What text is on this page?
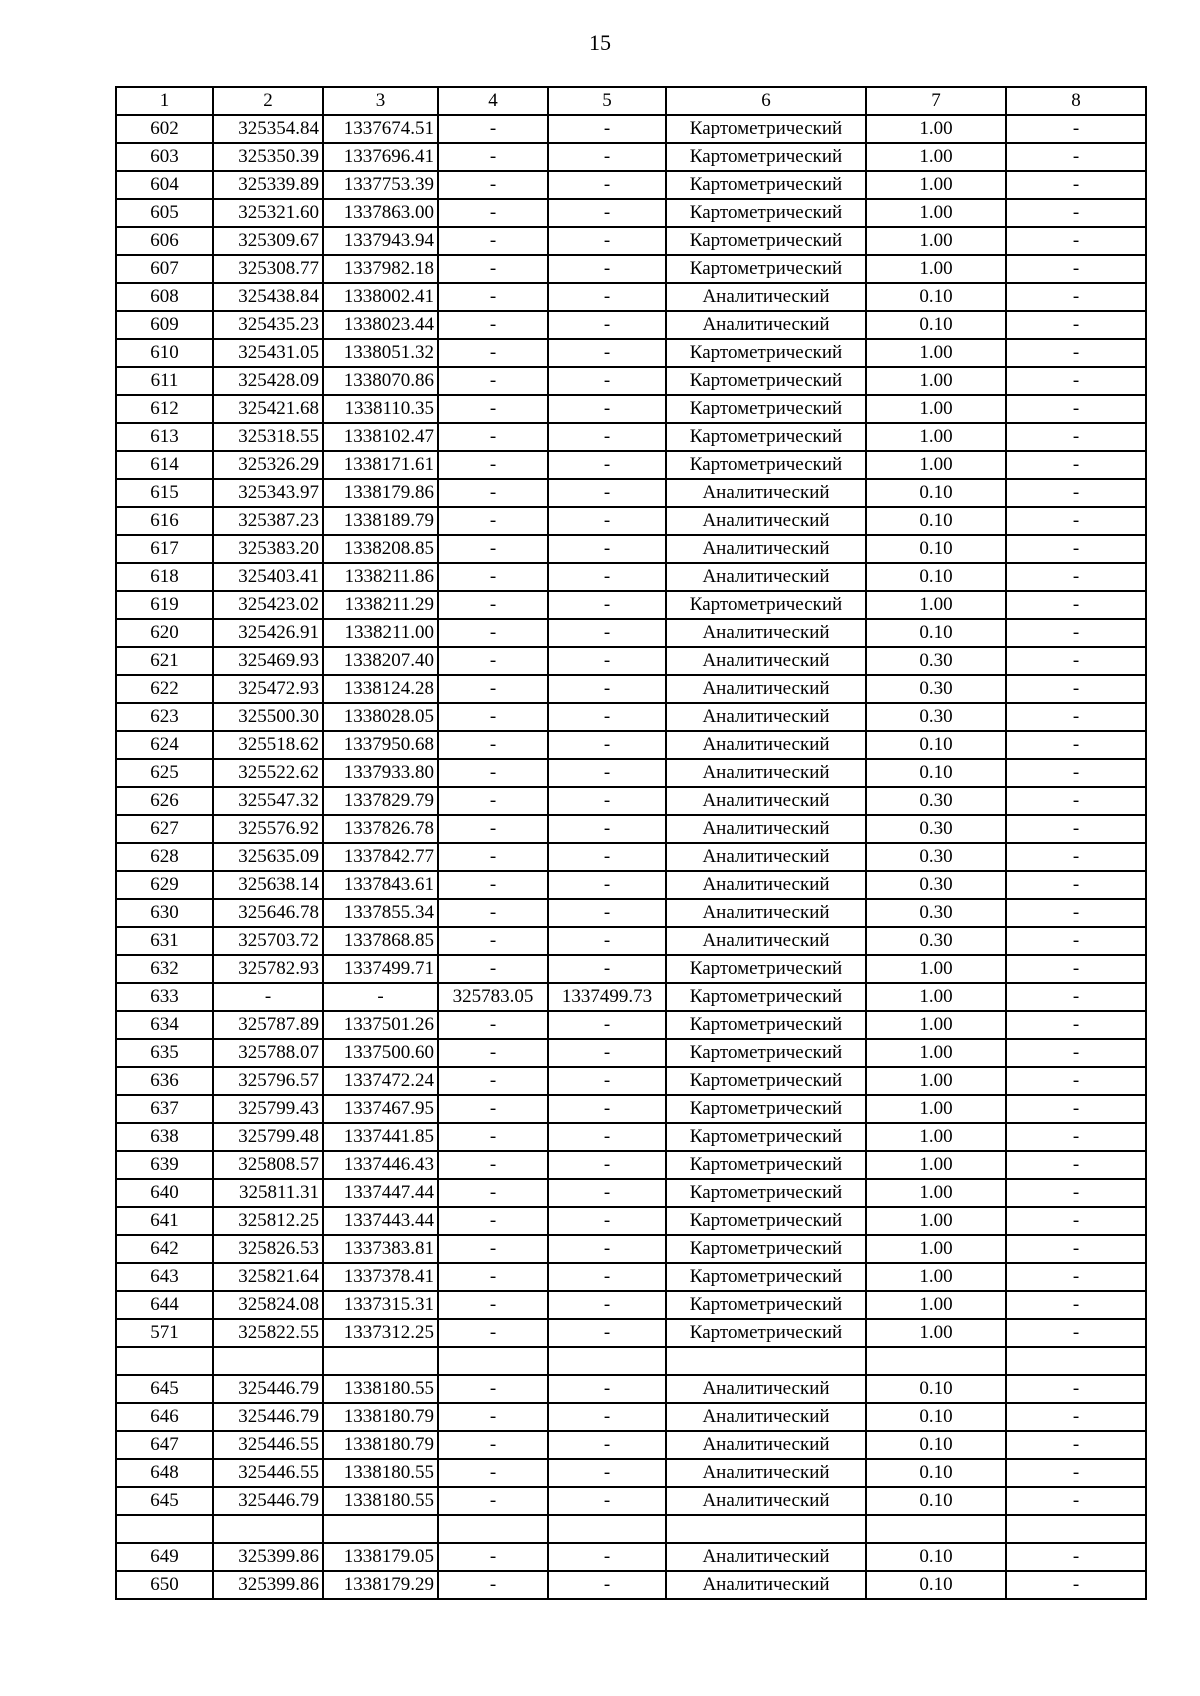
15
1	2	3	4	5	6	7	8
602	325354.84	1337674.51	-	-	Картометрический	1.00	-
603	325350.39	1337696.41	-	-	Картометрический	1.00	-
604	325339.89	1337753.39	-	-	Картометрический	1.00	-
605	325321.60	1337863.00	-	-	Картометрический	1.00	-
606	325309.67	1337943.94	-	-	Картометрический	1.00	-
607	325308.77	1337982.18	-	-	Картометрический	1.00	-
608	325438.84	1338002.41	-	-	Аналитический	0.10	-
609	325435.23	1338023.44	-	-	Аналитический	0.10	-
610	325431.05	1338051.32	-	-	Картометрический	1.00	-
611	325428.09	1338070.86	-	-	Картометрический	1.00	-
612	325421.68	1338110.35	-	-	Картометрический	1.00	-
613	325318.55	1338102.47	-	-	Картометрический	1.00	-
614	325326.29	1338171.61	-	-	Картометрический	1.00	-
615	325343.97	1338179.86	-	-	Аналитический	0.10	-
616	325387.23	1338189.79	-	-	Аналитический	0.10	-
617	325383.20	1338208.85	-	-	Аналитический	0.10	-
618	325403.41	1338211.86	-	-	Аналитический	0.10	-
619	325423.02	1338211.29	-	-	Картометрический	1.00	-
620	325426.91	1338211.00	-	-	Аналитический	0.10	-
621	325469.93	1338207.40	-	-	Аналитический	0.30	-
622	325472.93	1338124.28	-	-	Аналитический	0.30	-
623	325500.30	1338028.05	-	-	Аналитический	0.30	-
624	325518.62	1337950.68	-	-	Аналитический	0.10	-
625	325522.62	1337933.80	-	-	Аналитический	0.10	-
626	325547.32	1337829.79	-	-	Аналитический	0.30	-
627	325576.92	1337826.78	-	-	Аналитический	0.30	-
628	325635.09	1337842.77	-	-	Аналитический	0.30	-
629	325638.14	1337843.61	-	-	Аналитический	0.30	-
630	325646.78	1337855.34	-	-	Аналитический	0.30	-
631	325703.72	1337868.85	-	-	Аналитический	0.30	-
632	325782.93	1337499.71	-	-	Картометрический	1.00	-
633	-	-	325783.05	1337499.73	Картометрический	1.00	-
634	325787.89	1337501.26	-	-	Картометрический	1.00	-
635	325788.07	1337500.60	-	-	Картометрический	1.00	-
636	325796.57	1337472.24	-	-	Картометрический	1.00	-
637	325799.43	1337467.95	-	-	Картометрический	1.00	-
638	325799.48	1337441.85	-	-	Картометрический	1.00	-
639	325808.57	1337446.43	-	-	Картометрический	1.00	-
640	325811.31	1337447.44	-	-	Картометрический	1.00	-
641	325812.25	1337443.44	-	-	Картометрический	1.00	-
642	325826.53	1337383.81	-	-	Картометрический	1.00	-
643	325821.64	1337378.41	-	-	Картометрический	1.00	-
644	325824.08	1337315.31	-	-	Картометрический	1.00	-
571	325822.55	1337312.25	-	-	Картометрический	1.00	-

645	325446.79	1338180.55	-	-	Аналитический	0.10	-
646	325446.79	1338180.79	-	-	Аналитический	0.10	-
647	325446.55	1338180.79	-	-	Аналитический	0.10	-
648	325446.55	1338180.55	-	-	Аналитический	0.10	-
645	325446.79	1338180.55	-	-	Аналитический	0.10	-

649	325399.86	1338179.05	-	-	Аналитический	0.10	-
650	325399.86	1338179.29	-	-	Аналитический	0.10	-
